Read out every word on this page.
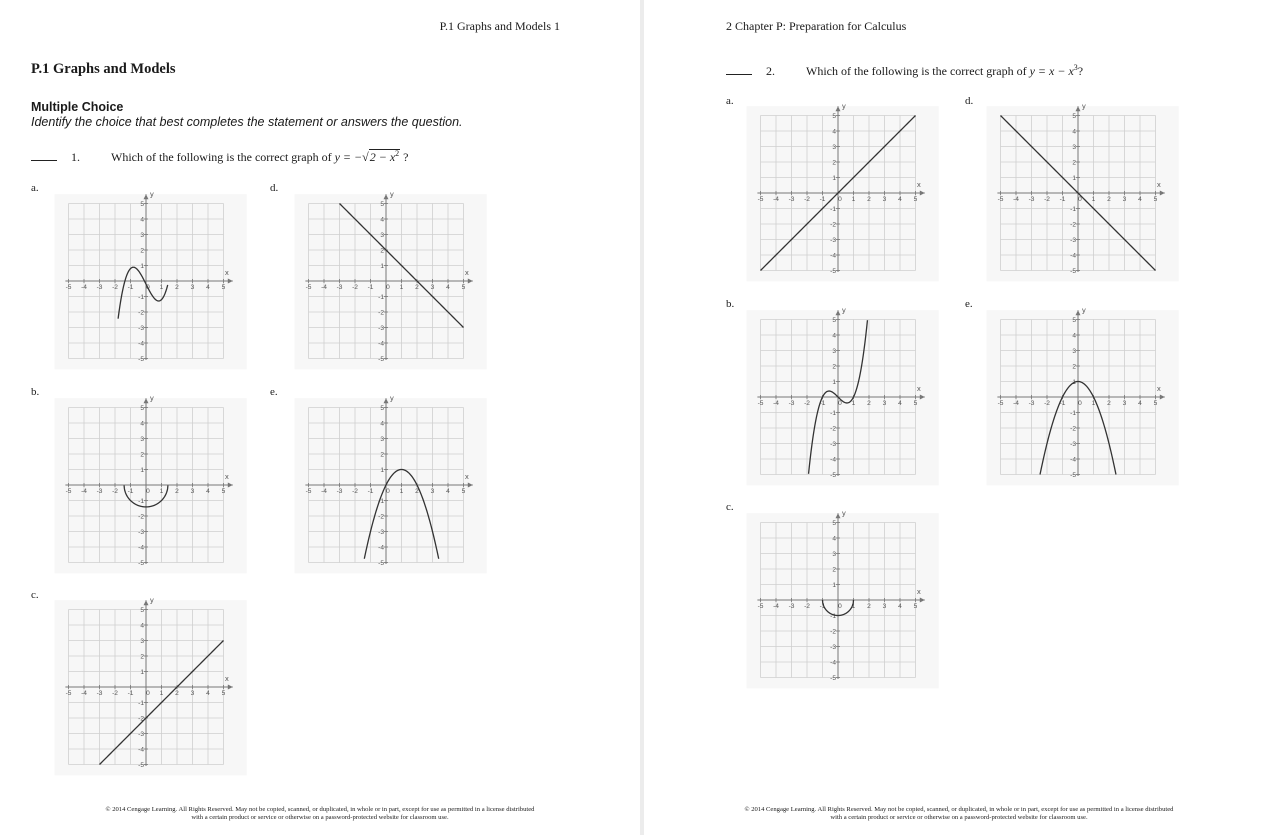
P.1 Graphs and Models 1
P.1 Graphs and Models
Multiple Choice
Identify the choice that best completes the statement or answers the question.
1.	Which of the following is the correct graph of $y = -√2 - x^2$ ?
a.
b.
c.
d.
e.
x
y
-5 -4 -3 -2 -1 0 1 2 3 4 5
-5
-4
-3
-2
-1
1
2
3
4
5
x
y
-5 -4 -3 -2 -1 0 1 2 3 4 5
-5
-4
-3
-2
-1
1
2
3
4
5
x
y
-5 -4 -3 -2 -1 0 1 2 3 4 5
-5
-4
-3
-2
-1
1
2
3
4
5
x
y
-5 -4 -3 -2 -1 0 1 2 3 4 5
-5
-4
-3
-2
-1
1
2
3
4
5
x
y
-5 -4 -3 -2 -1 0 1 2 3 4 5
-5
-4
-3
-2
-1
1
2
3
4
5
© 2014 Cengage Learning. All Rights Reserved. May not be copied, scanned, or duplicated, in whole or in part, except for use as permitted in a license distributed
with a certain product or service or otherwise on a password-protected website for classroom use.
2 Chapter P: Preparation for Calculus
2.	Which of the following is the correct graph of $y = x - x^3$?
a.
b.
c.
d.
e.
x
y
-5 -4 -3 -2 -1 0 1 2 3 4 5
-5
-4
-3
-2
-1
1
2
3
4
5
x
y
-5 -4 -3 -2 -1 0 1 2 3 4 5
-5
-4
-3
-2
-1
1
2
3
4
5
x
y
-5 -4 -3 -2 -1 0 1 2 3 4 5
-5
-4
-3
-2
-1
1
2
3
4
5
x
y
-5 -4 -3 -2 -1 0 1 2 3 4 5
-5
-4
-3
-2
-1
1
2
3
4
5
x
y
-5 -4 -3 -2 -1 0 1 2 3 4 5
-5
-4
-3
-2
-1
1
2
3
4
5
© 2014 Cengage Learning. All Rights Reserved. May not be copied, scanned, or duplicated, in whole or in part, except for use as permitted in a license distributed
with a certain product or service or otherwise on a password-protected website for classroom use.
